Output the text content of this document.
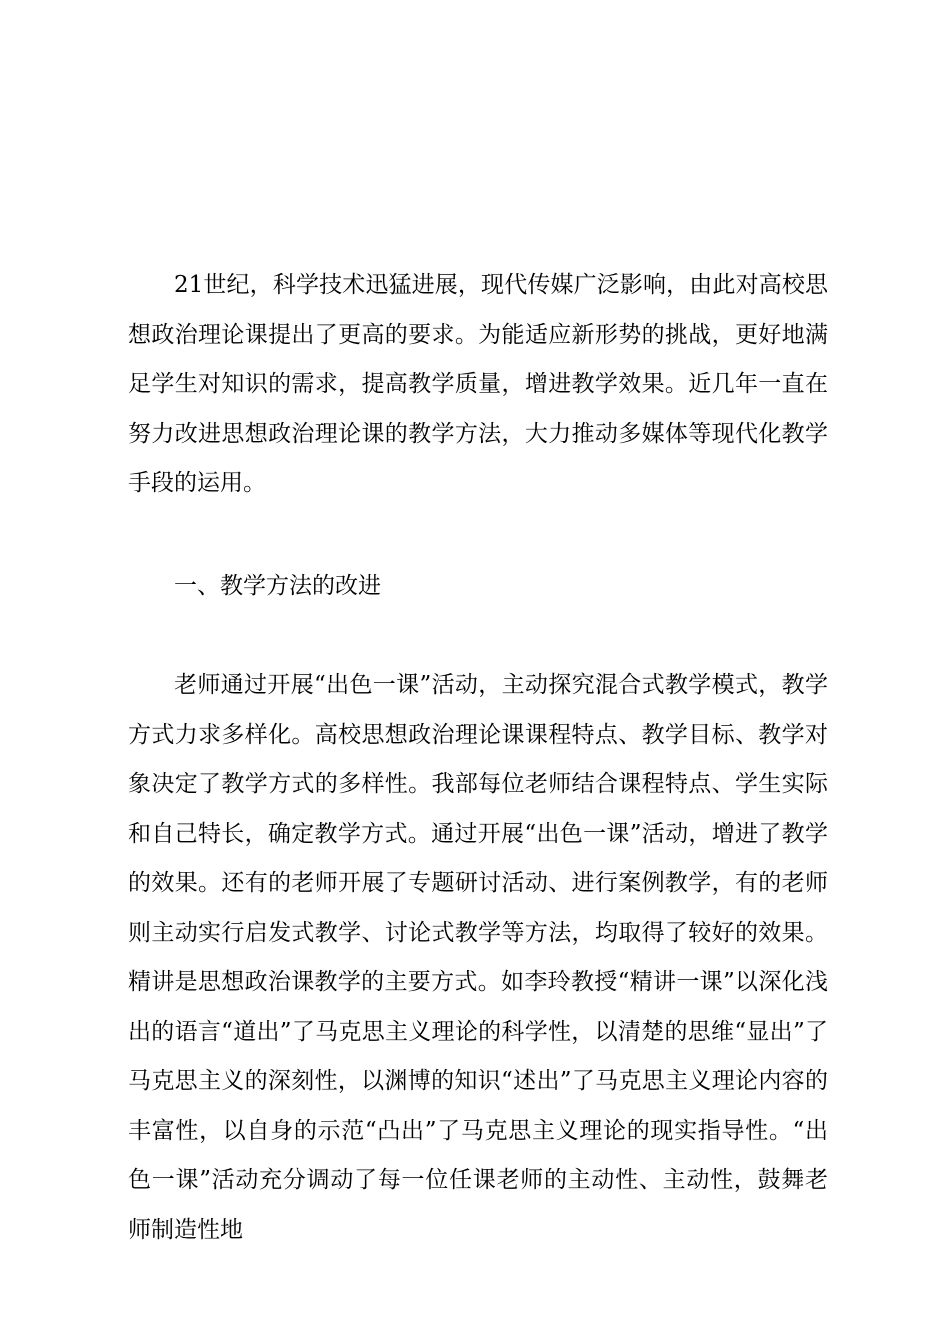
21世纪，科学技术迅猛进展，现代传媒广泛影响，由此对高校思想政治理论课提出了更高的要求。为能适应新形势的挑战，更好地满足学生对知识的需求，提高教学质量，增进教学效果。近几年一直在努力改进思想政治理论课的教学方法，大力推动多媒体等现代化教学手段的运用。

一、教学方法的改进

老师通过开展“出色一课”活动，主动探究混合式教学模式，教学方式力求多样化。高校思想政治理论课课程特点、教学目标、教学对象决定了教学方式的多样性。我部每位老师结合课程特点、学生实际和自己特长，确定教学方式。通过开展“出色一课”活动，增进了教学的效果。还有的老师开展了专题研讨活动、进行案例教学，有的老师则主动实行启发式教学、讨论式教学等方法，均取得了较好的效果。精讲是思想政治课教学的主要方式。如李玲教授“精讲一课”以深化浅出的语言“道出”了马克思主义理论的科学性，以清楚的思维“显出”了马克思主义的深刻性，以渊博的知识“述出”了马克思主义理论内容的丰富性，以自身的示范“凸出”了马克思主义理论的现实指导性。“出色一课”活动充分调动了每一位任课老师的主动性、主动性，鼓舞老师制造性地
